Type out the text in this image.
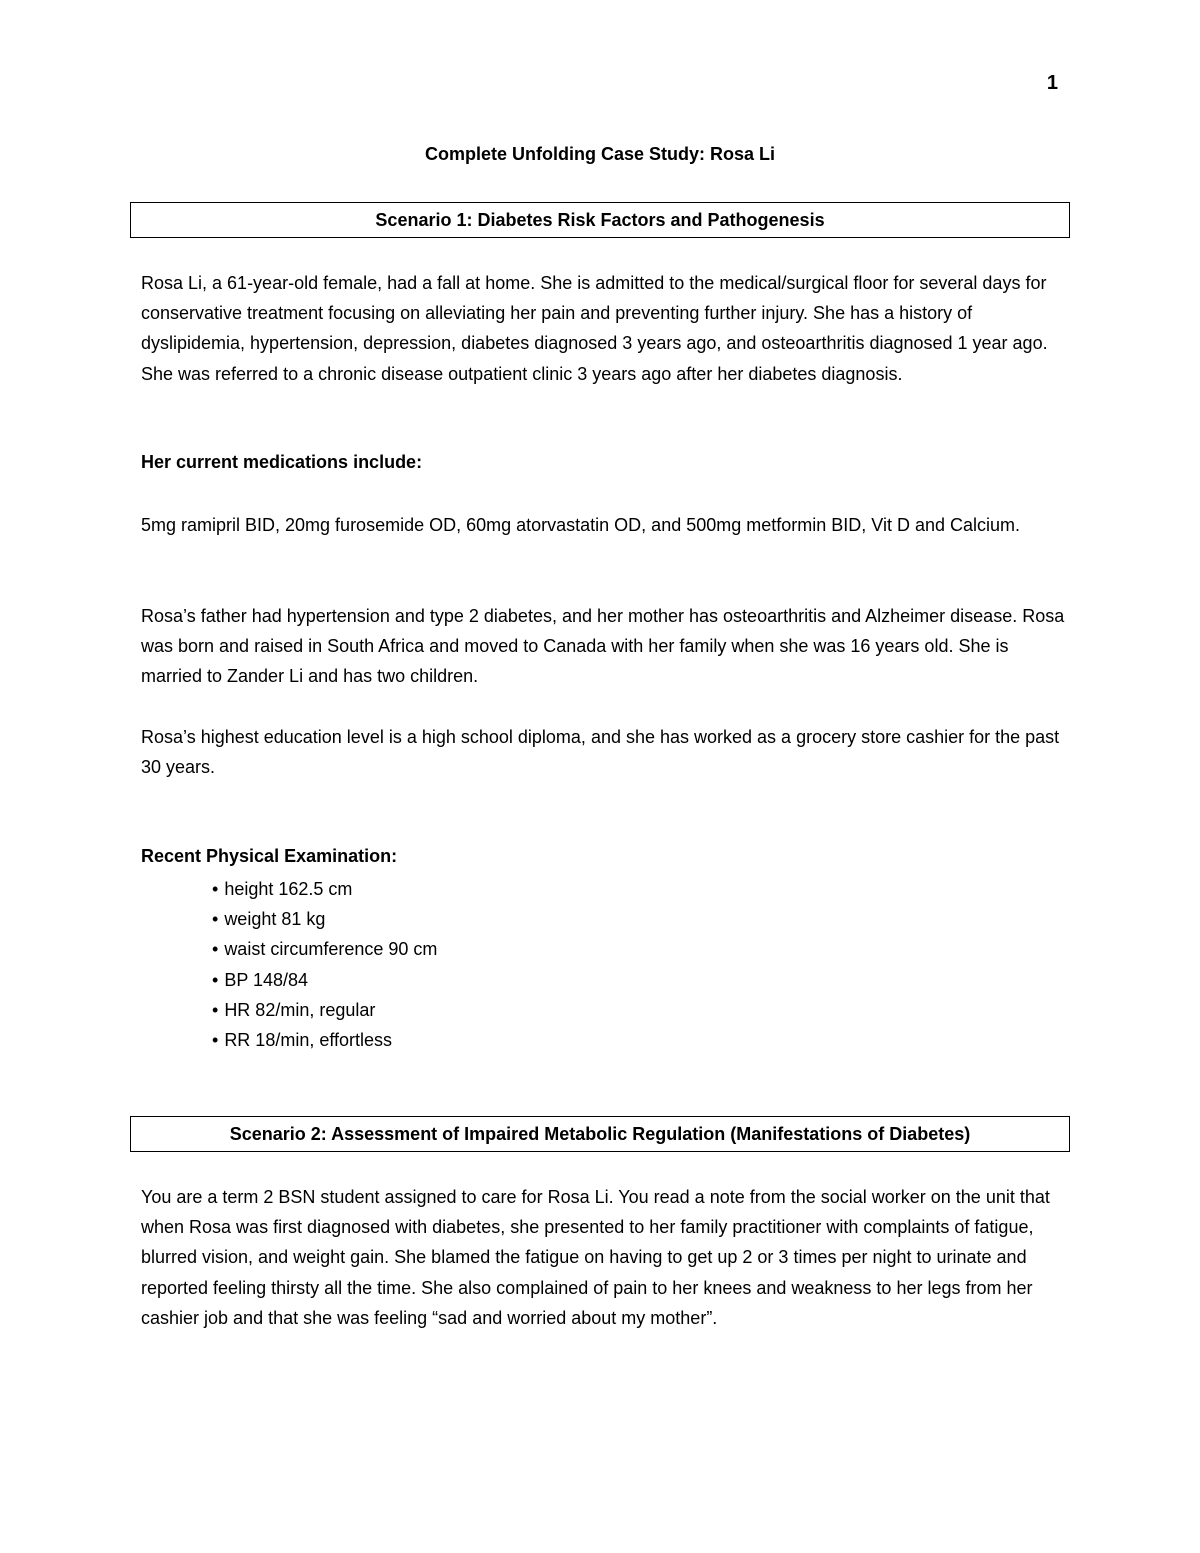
1
Complete Unfolding Case Study: Rosa Li
Scenario 1: Diabetes Risk Factors and Pathogenesis

Rosa Li, a 61-year-old female, had a fall at home. She is admitted to the medical/surgical floor for several days for conservative treatment focusing on alleviating her pain and preventing further injury. She has a history of dyslipidemia, hypertension, depression, diabetes diagnosed 3 years ago, and osteoarthritis diagnosed 1 year ago. She was referred to a chronic disease outpatient clinic 3 years ago after her diabetes diagnosis.

Her current medications include:

5mg ramipril BID, 20mg furosemide OD, 60mg atorvastatin OD, and 500mg metformin BID, Vit D and Calcium.

Rosa’s father had hypertension and type 2 diabetes, and her mother has osteoarthritis and Alzheimer disease. Rosa was born and raised in South Africa and moved to Canada with her family when she was 16 years old. She is married to Zander Li and has two children.

Rosa’s highest education level is a high school diploma, and she has worked as a grocery store cashier for the past 30 years.

Recent Physical Examination:
• height 162.5 cm
• weight 81 kg
• waist circumference 90 cm
• BP 148/84
• HR 82/min, regular
• RR 18/min, effortless
Scenario 2: Assessment of Impaired Metabolic Regulation (Manifestations of Diabetes)

You are a term 2 BSN student assigned to care for Rosa Li. You read a note from the social worker on the unit that when Rosa was first diagnosed with diabetes, she presented to her family practitioner with complaints of fatigue, blurred vision, and weight gain. She blamed the fatigue on having to get up 2 or 3 times per night to urinate and reported feeling thirsty all the time. She also complained of pain to her knees and weakness to her legs from her cashier job and that she was feeling “sad and worried about my mother”.
